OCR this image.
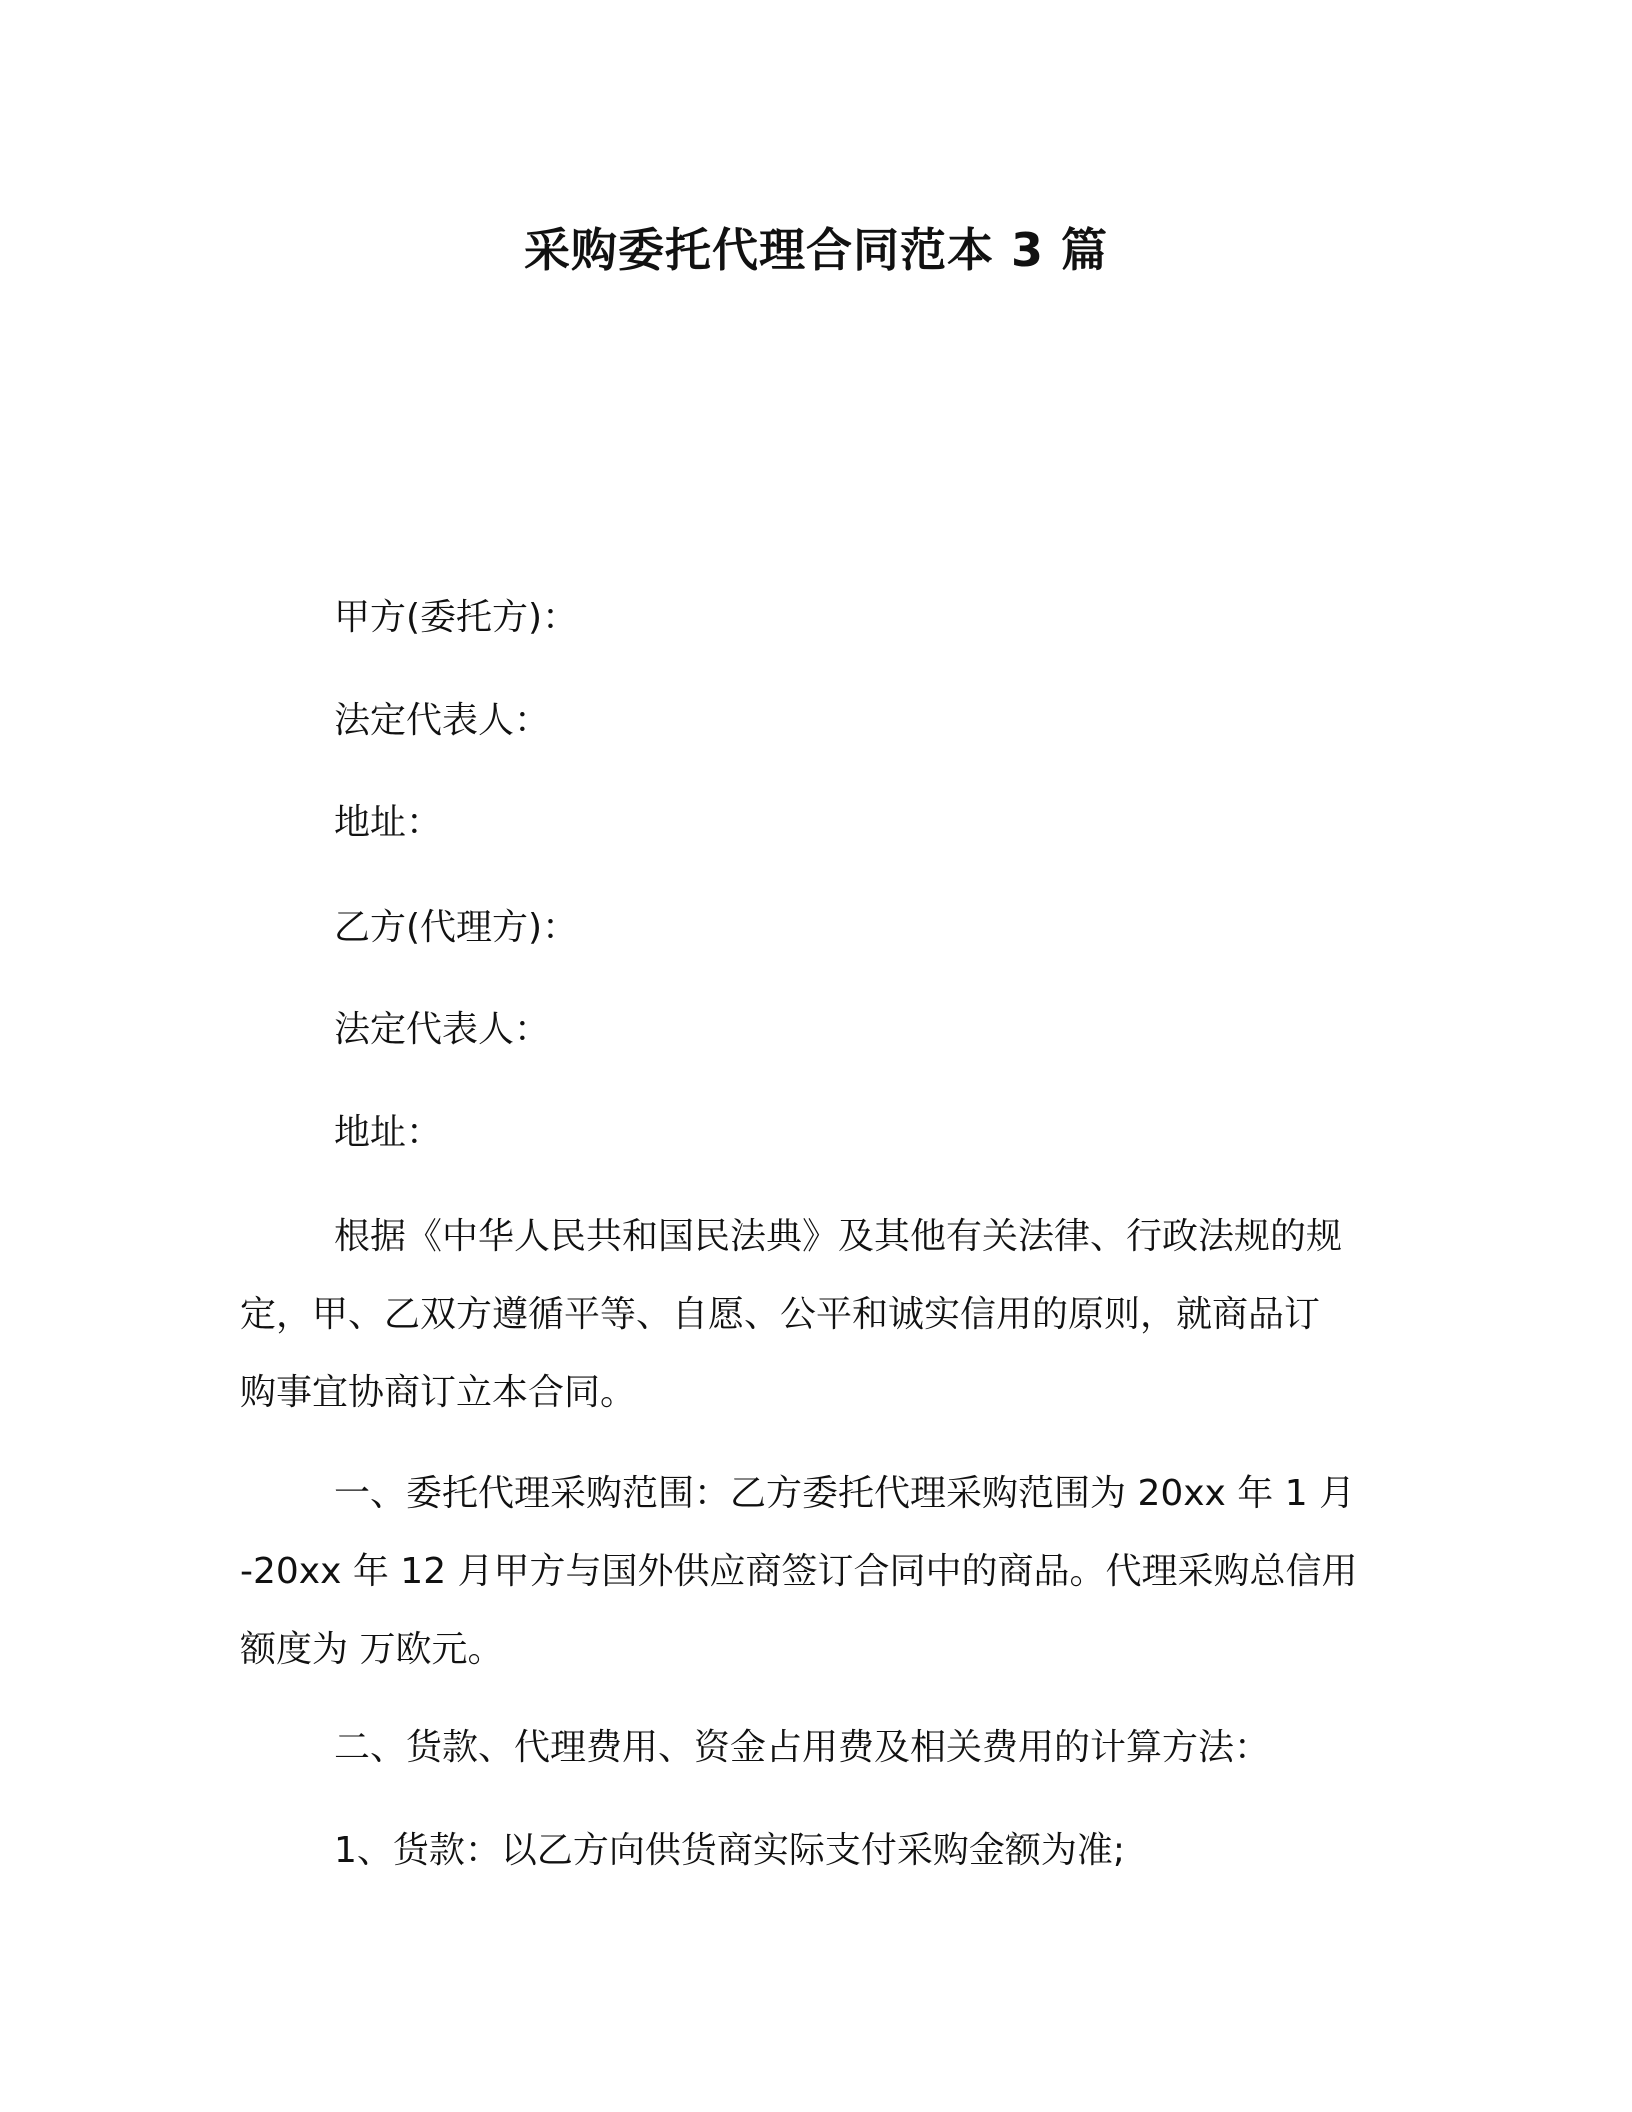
采购委托代理合同范本 3 篇
甲方(委托方)：
法定代表人：
地址：
乙方(代理方)：
法定代表人：
地址：
根据《中华人民共和国民法典》及其他有关法律、行政法规的规
定，甲、乙双方遵循平等、自愿、公平和诚实信用的原则，就商品订
购事宜协商订立本合同。
一、委托代理采购范围：乙方委托代理采购范围为 20xx 年 1 月
-20xx 年 12 月甲方与国外供应商签订合同中的商品。代理采购总信用
额度为 万欧元。
二、货款、代理费用、资金占用费及相关费用的计算方法：
1、货款：以乙方向供货商实际支付采购金额为准;
